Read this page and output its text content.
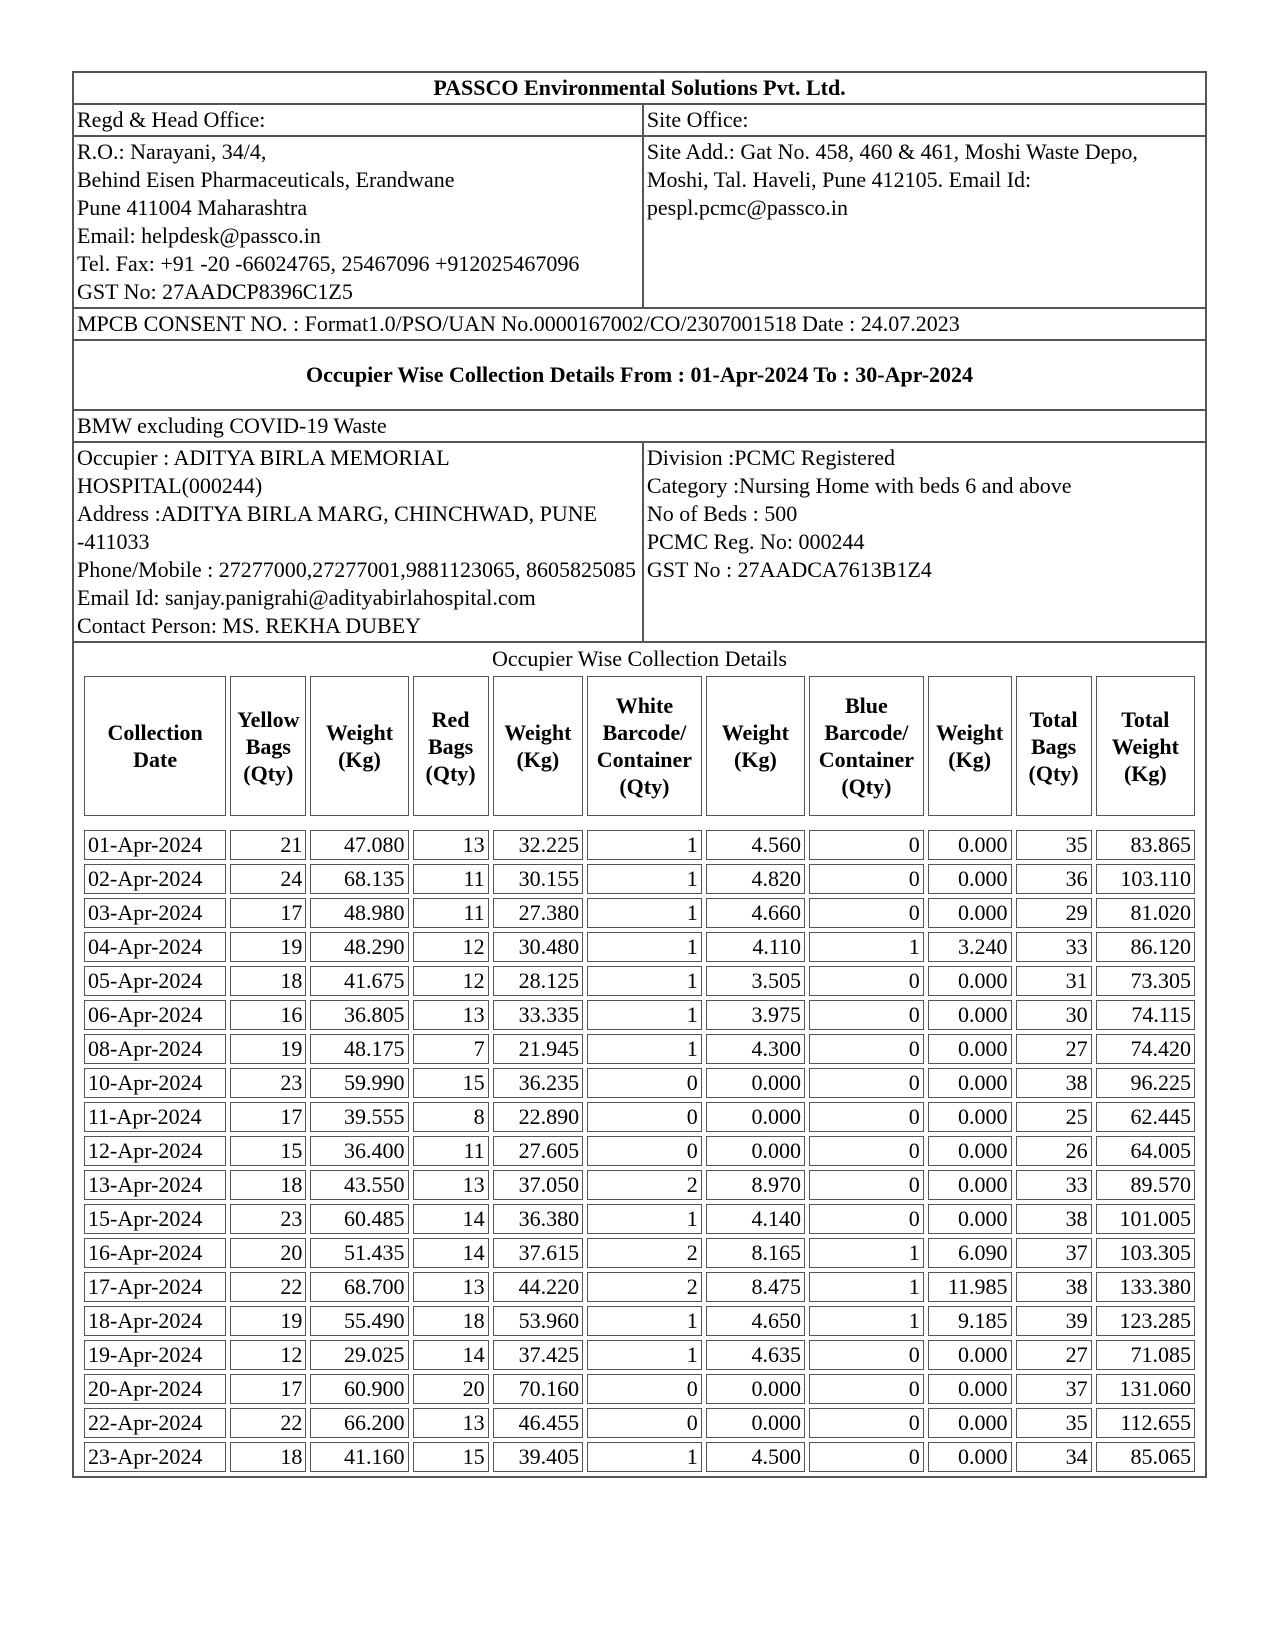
PASSCO Environmental Solutions Pvt. Ltd.
Regd & Head Office:	Site Office:

R.O.: Narayani, 34/4,
Behind Eisen Pharmaceuticals, Erandwane
Pune 411004 Maharashtra
Email: helpdesk@passco.in
Tel. Fax: +91 -20 -66024765, 25467096 +912025467096
GST No: 27AADCP8396C1Z5

Site Add.: Gat No. 458, 460 & 461, Moshi Waste Depo,
Moshi, Tal. Haveli, Pune 412105. Email Id: pespl.pcmc@passco.in

MPCB CONSENT NO. : Format1.0/PSO/UAN No.0000167002/CO/2307001518 Date : 24.07.2023
Occupier Wise Collection Details From : 01-Apr-2024 To : 30-Apr-2024
BMW excluding COVID-19 Waste

Occupier : ADITYA BIRLA MEMORIAL HOSPITAL(000244)
Address :ADITYA BIRLA MARG, CHINCHWAD, PUNE -411033
Phone/Mobile : 27277000,27277001,9881123065, 8605825085
Email Id: sanjay.panigrahi@adityabirlahospital.com
Contact Person: MS. REKHA DUBEY

Division :PCMC Registered
Category :Nursing Home with beds 6 and above
No of Beds : 500
PCMC Reg. No: 000244
GST No : 27AADCA7613B1Z4

Occupier Wise Collection Details
Collection Date	Yellow Bags (Qty)	Weight (Kg)	Red Bags (Qty)	Weight (Kg)	White Barcode/ Container (Qty)	Weight (Kg)	Blue Barcode/ Container (Qty)	Weight (Kg)	Total Bags (Qty)	Total Weight (Kg)

01-Apr-2024	21	47.080	13	32.225	1	4.560	0	0.000	35	83.865
02-Apr-2024	24	68.135	11	30.155	1	4.820	0	0.000	36	103.110
03-Apr-2024	17	48.980	11	27.380	1	4.660	0	0.000	29	81.020
04-Apr-2024	19	48.290	12	30.480	1	4.110	1	3.240	33	86.120
05-Apr-2024	18	41.675	12	28.125	1	3.505	0	0.000	31	73.305
06-Apr-2024	16	36.805	13	33.335	1	3.975	0	0.000	30	74.115
08-Apr-2024	19	48.175	7	21.945	1	4.300	0	0.000	27	74.420
10-Apr-2024	23	59.990	15	36.235	0	0.000	0	0.000	38	96.225
11-Apr-2024	17	39.555	8	22.890	0	0.000	0	0.000	25	62.445
12-Apr-2024	15	36.400	11	27.605	0	0.000	0	0.000	26	64.005
13-Apr-2024	18	43.550	13	37.050	2	8.970	0	0.000	33	89.570
15-Apr-2024	23	60.485	14	36.380	1	4.140	0	0.000	38	101.005
16-Apr-2024	20	51.435	14	37.615	2	8.165	1	6.090	37	103.305
17-Apr-2024	22	68.700	13	44.220	2	8.475	1	11.985	38	133.380
18-Apr-2024	19	55.490	18	53.960	1	4.650	1	9.185	39	123.285
19-Apr-2024	12	29.025	14	37.425	1	4.635	0	0.000	27	71.085
20-Apr-2024	17	60.900	20	70.160	0	0.000	0	0.000	37	131.060
22-Apr-2024	22	66.200	13	46.455	0	0.000	0	0.000	35	112.655
23-Apr-2024	18	41.160	15	39.405	1	4.500	0	0.000	34	85.065
